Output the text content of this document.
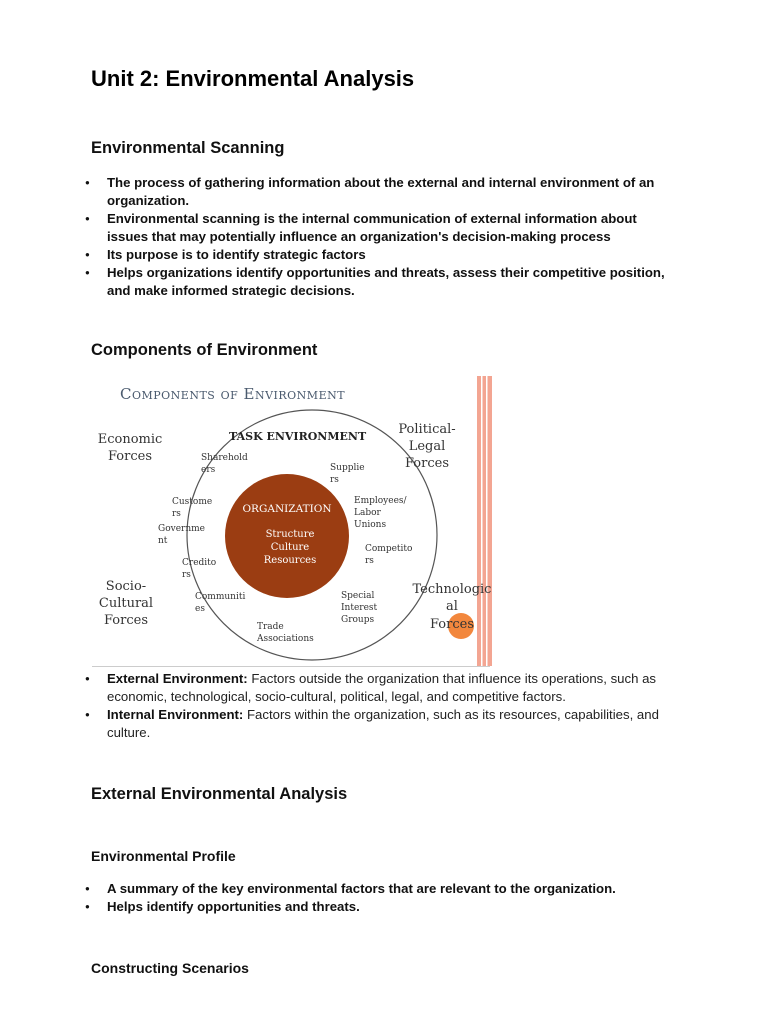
Unit 2: Environmental Analysis
Environmental Scanning
● The process of gathering information about the external and internal environment of an organization.
● Environmental scanning is the internal communication of external information about issues that may potentially influence an organization's decision-making process
● Its purpose is to identify strategic factors
● Helps organizations identify opportunities and threats, assess their competitive position, and make informed strategic decisions.
Components of Environment
Components of Environment
TASK ENVIRONMENT
ORGANIZATION
Structure
Culture
Resources
Economic
Forces
Political-
Legal
Forces
Socio-
Cultural
Forces
Technologic
al
Forces
Sharehold
ers	Supplie
rs
Custome
rs
Employees/
Labor
Unions
Governme
nt
Competito
rs
Credito
rs
Communiti
es
Special
Interest
Groups
Trade
Associations
● External Environment: Factors outside the organization that influence its operations, such as economic, technological, socio-cultural, political, legal, and competitive factors.
● Internal Environment: Factors within the organization, such as its resources, capabilities, and culture.
External Environmental Analysis
Environmental Profile
● A summary of the key environmental factors that are relevant to the organization.
● Helps identify opportunities and threats.
Constructing Scenarios
